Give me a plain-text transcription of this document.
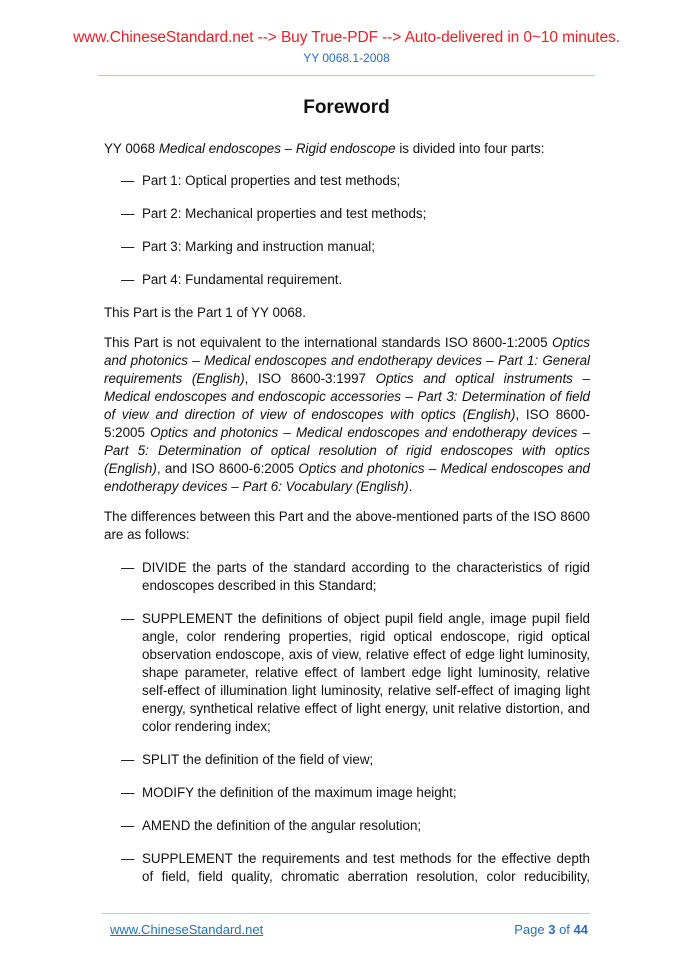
www.ChineseStandard.net --> Buy True-PDF --> Auto-delivered in 0~10 minutes.
YY 0068.1-2008
Foreword

YY 0068 Medical endoscopes – Rigid endoscope is divided into four parts:

— Part 1: Optical properties and test methods;
— Part 2: Mechanical properties and test methods;
— Part 3: Marking and instruction manual;
— Part 4: Fundamental requirement.

This Part is the Part 1 of YY 0068.

This Part is not equivalent to the international standards ISO 8600-1:2005 Optics and photonics – Medical endoscopes and endotherapy devices – Part 1: General requirements (English), ISO 8600-3:1997 Optics and optical instruments – Medical endoscopes and endoscopic accessories – Part 3: Determination of field of view and direction of view of endoscopes with optics (English), ISO 8600-5:2005 Optics and photonics – Medical endoscopes and endotherapy devices – Part 5: Determination of optical resolution of rigid endoscopes with optics (English), and ISO 8600-6:2005 Optics and photonics – Medical endoscopes and endotherapy devices – Part 6: Vocabulary (English).

The differences between this Part and the above-mentioned parts of the ISO 8600 are as follows:

— DIVIDE the parts of the standard according to the characteristics of rigid endoscopes described in this Standard;
— SUPPLEMENT the definitions of object pupil field angle, image pupil field angle, color rendering properties, rigid optical endoscope, rigid optical observation endoscope, axis of view, relative effect of edge light luminosity, shape parameter, relative effect of lambert edge light luminosity, relative self-effect of illumination light luminosity, relative self-effect of imaging light energy, synthetical relative effect of light energy, unit relative distortion, and color rendering index;
— SPLIT the definition of the field of view;
— MODIFY the definition of the maximum image height;
— AMEND the definition of the angular resolution;
— SUPPLEMENT the requirements and test methods for the effective depth of field, field quality, chromatic aberration resolution, color reducibility,
www.ChineseStandard.net	Page 3 of 44
